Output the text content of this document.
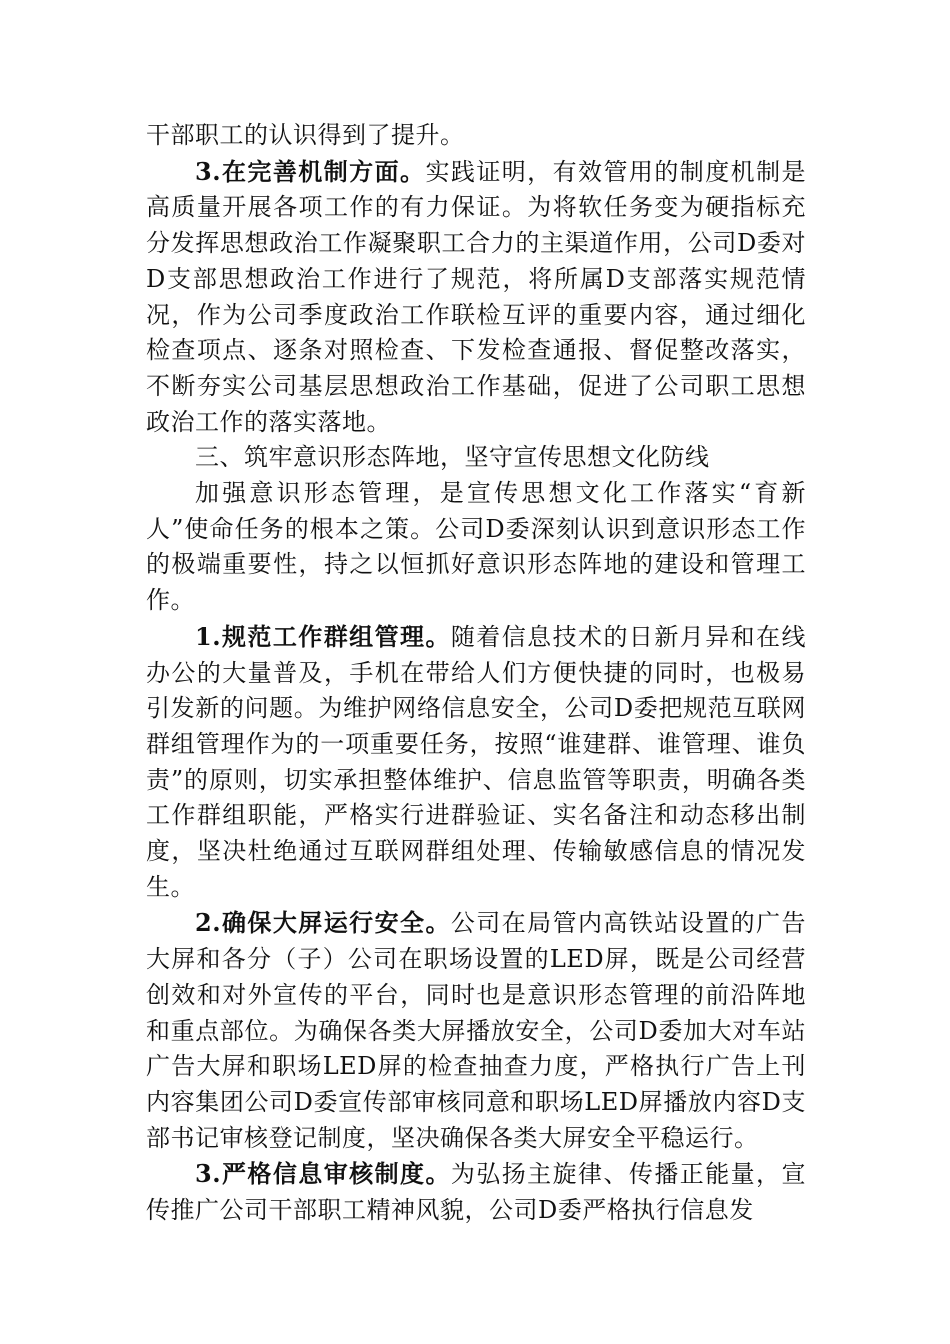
干部职工的认识得到了提升。

3.在完善机制方面。实践证明，有效管用的制度机制是高质量开展各项工作的有力保证。为将软任务变为硬指标充分发挥思想政治工作凝聚职工合力的主渠道作用，公司D委对D支部思想政治工作进行了规范，将所属D支部落实规范情况，作为公司季度政治工作联检互评的重要内容，通过细化检查项点、逐条对照检查、下发检查通报、督促整改落实，不断夯实公司基层思想政治工作基础，促进了公司职工思想政治工作的落实落地。

三、筑牢意识形态阵地，坚守宣传思想文化防线

加强意识形态管理，是宣传思想文化工作落实“育新人”使命任务的根本之策。公司D委深刻认识到意识形态工作的极端重要性，持之以恒抓好意识形态阵地的建设和管理工作。

1.规范工作群组管理。随着信息技术的日新月异和在线办公的大量普及，手机在带给人们方便快捷的同时，也极易引发新的问题。为维护网络信息安全，公司D委把规范互联网群组管理作为的一项重要任务，按照“谁建群、谁管理、谁负责”的原则，切实承担整体维护、信息监管等职责，明确各类工作群组职能，严格实行进群验证、实名备注和动态移出制度，坚决杜绝通过互联网群组处理、传输敏感信息的情况发生。

2.确保大屏运行安全。公司在局管内高铁站设置的广告大屏和各分（子）公司在职场设置的LED屏，既是公司经营创效和对外宣传的平台，同时也是意识形态管理的前沿阵地和重点部位。为确保各类大屏播放安全，公司D委加大对车站广告大屏和职场LED屏的检查抽查力度，严格执行广告上刊内容集团公司D委宣传部审核同意和职场LED屏播放内容D支部书记审核登记制度，坚决确保各类大屏安全平稳运行。

3.严格信息审核制度。为弘扬主旋律、传播正能量，宣传推广公司干部职工精神风貌，公司D委严格执行信息发
